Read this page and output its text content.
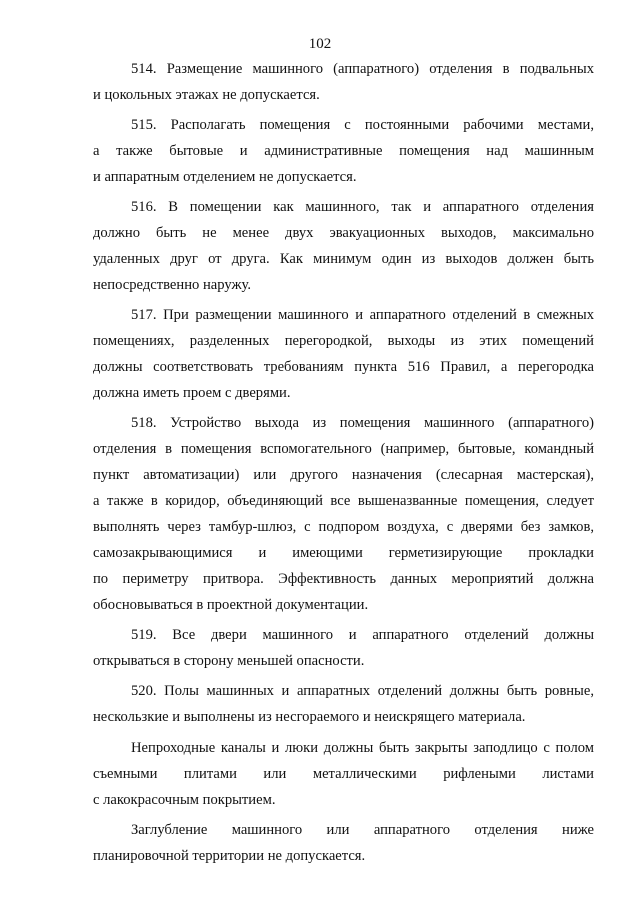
102
514. Размещение машинного (аппаратного) отделения в подвальных
и цокольных этажах не допускается.
515. Располагать помещения с постоянными рабочими местами,
а также бытовые и административные помещения над машинным
и аппаратным отделением не допускается.
516. В помещении как машинного, так и аппаратного отделения
должно быть не менее двух эвакуационных выходов, максимально
удаленных друг от друга. Как минимум один из выходов должен быть
непосредственно наружу.
517. При размещении машинного и аппаратного отделений в смежных
помещениях, разделенных перегородкой, выходы из этих помещений
должны соответствовать требованиям пункта 516 Правил, а перегородка
должна иметь проем с дверями.
518. Устройство выхода из помещения машинного (аппаратного)
отделения в помещения вспомогательного (например, бытовые, командный
пункт автоматизации) или другого назначения (слесарная мастерская),
а также в коридор, объединяющий все вышеназванные помещения, следует
выполнять через тамбур-шлюз, с подпором воздуха, с дверями без замков,
самозакрывающимися и имеющими герметизирующие прокладки
по периметру притвора. Эффективность данных мероприятий должна
обосновываться в проектной документации.
519. Все двери машинного и аппаратного отделений должны
открываться в сторону меньшей опасности.
520. Полы машинных и аппаратных отделений должны быть ровные,
нескользкие и выполнены из несгораемого и неискрящего материала.
Непроходные каналы и люки должны быть закрыты заподлицо с полом
съемными плитами или металлическими рифлеными листами
с лакокрасочным покрытием.
Заглубление машинного или аппаратного отделения ниже
планировочной территории не допускается.
